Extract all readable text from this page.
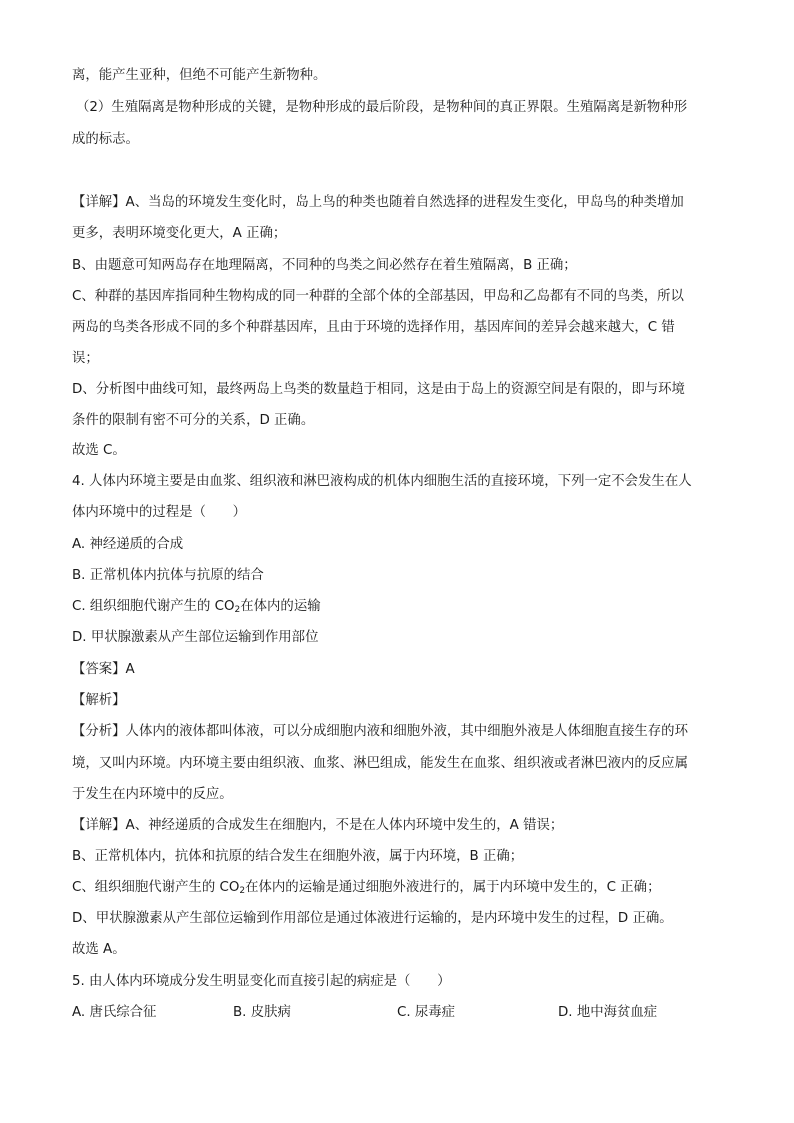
离，能产生亚种，但绝不可能产生新物种。
（2）生殖隔离是物种形成的关键，是物种形成的最后阶段，是物种间的真正界限。生殖隔离是新物种形
成的标志。
【详解】A、当岛的环境发生变化时，岛上鸟的种类也随着自然选择的进程发生变化，甲岛鸟的种类增加
更多，表明环境变化更大，A 正确；
B、由题意可知两岛存在地理隔离，不同种的鸟类之间必然存在着生殖隔离，B 正确；
C、种群的基因库指同种生物构成的同一种群的全部个体的全部基因，甲岛和乙岛都有不同的鸟类，所以
两岛的鸟类各形成不同的多个种群基因库，且由于环境的选择作用，基因库间的差异会越来越大，C 错
误；
D、分析图中曲线可知，最终两岛上鸟类的数量趋于相同，这是由于岛上的资源空间是有限的，即与环境
条件的限制有密不可分的关系，D 正确。
故选 C。
4. 人体内环境主要是由血浆、组织液和淋巴液构成的机体内细胞生活的直接环境，下列一定不会发生在人
体内环境中的过程是（　　）
A. 神经递质的合成
B. 正常机体内抗体与抗原的结合
C. 组织细胞代谢产生的 $CO_2$在体内的运输
D. 甲状腺激素从产生部位运输到作用部位
【答案】A
【解析】
【分析】人体内的液体都叫体液，可以分成细胞内液和细胞外液，其中细胞外液是人体细胞直接生存的环
境，又叫内环境。内环境主要由组织液、血浆、淋巴组成，能发生在血浆、组织液或者淋巴液内的反应属
于发生在内环境中的反应。
【详解】A、神经递质的合成发生在细胞内，不是在人体内环境中发生的，A 错误；
B、正常机体内，抗体和抗原的结合发生在细胞外液，属于内环境，B 正确；
C、组织细胞代谢产生的 $CO_2$在体内的运输是通过细胞外液进行的，属于内环境中发生的，C 正确；
D、甲状腺激素从产生部位运输到作用部位是通过体液进行运输的，是内环境中发生的过程，D 正确。
故选 A。
5. 由人体内环境成分发生明显变化而直接引起的病症是（　　）
A. 唐氏综合征	B. 皮肤病	C. 尿毒症	D. 地中海贫血症
